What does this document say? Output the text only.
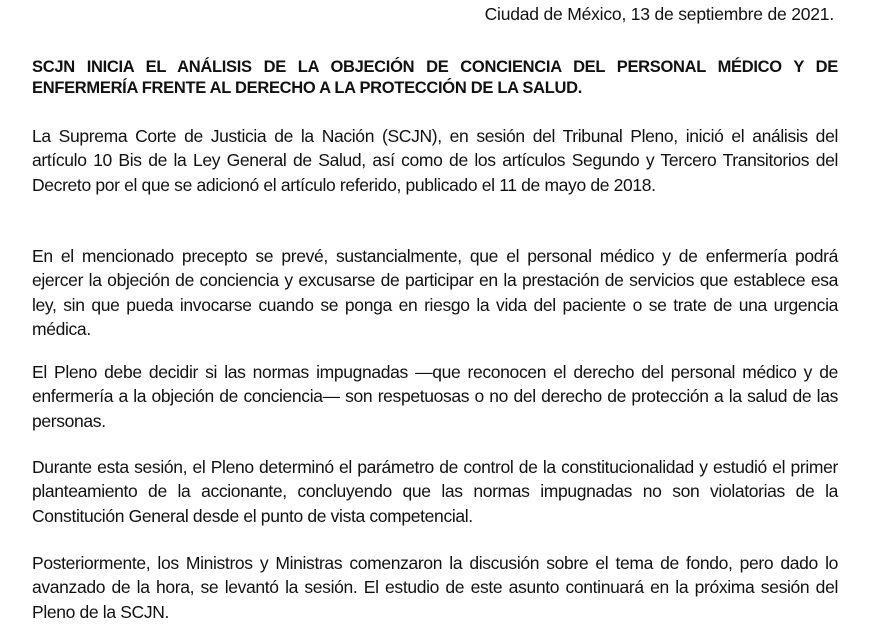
Ciudad de México, 13 de septiembre de 2021.
SCJN INICIA EL ANÁLISIS DE LA OBJECIÓN DE CONCIENCIA DEL PERSONAL MÉDICO Y DE ENFERMERÍA FRENTE AL DERECHO A LA PROTECCIÓN DE LA SALUD.

La Suprema Corte de Justicia de la Nación (SCJN), en sesión del Tribunal Pleno, inició el análisis del artículo 10 Bis de la Ley General de Salud, así como de los artículos Segundo y Tercero Transitorios del Decreto por el que se adicionó el artículo referido, publicado el 11 de mayo de 2018.

En el mencionado precepto se prevé, sustancialmente, que el personal médico y de enfermería podrá ejercer la objeción de conciencia y excusarse de participar en la prestación de servicios que establece esa ley, sin que pueda invocarse cuando se ponga en riesgo la vida del paciente o se trate de una urgencia médica.

El Pleno debe decidir si las normas impugnadas —que reconocen el derecho del personal médico y de enfermería a la objeción de conciencia— son respetuosas o no del derecho de protección a la salud de las personas.

Durante esta sesión, el Pleno determinó el parámetro de control de la constitucionalidad y estudió el primer planteamiento de la accionante, concluyendo que las normas impugnadas no son violatorias de la Constitución General desde el punto de vista competencial.

Posteriormente, los Ministros y Ministras comenzaron la discusión sobre el tema de fondo, pero dado lo avanzado de la hora, se levantó la sesión. El estudio de este asunto continuará en la próxima sesión del Pleno de la SCJN.
